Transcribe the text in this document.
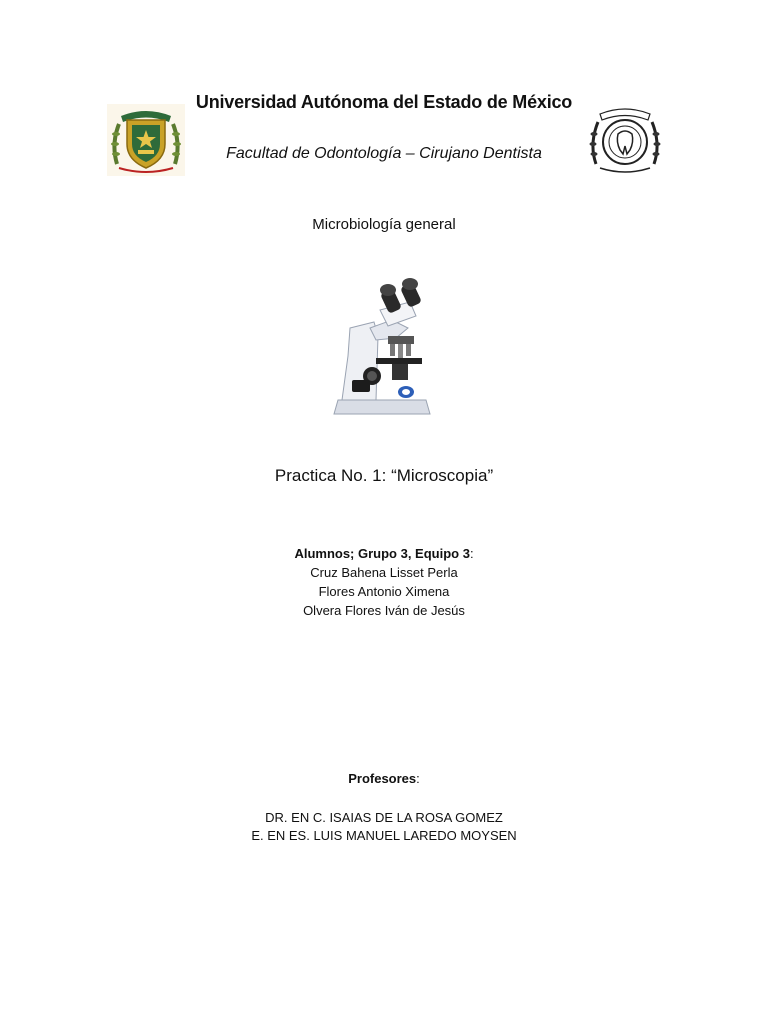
Universidad Autónoma del Estado de México
Facultad de Odontología – Cirujano Dentista
Microbiología general
Practica No. 1: “Microscopia”
Alumnos; Grupo 3, Equipo 3:
Cruz Bahena Lisset Perla
Flores Antonio Ximena
Olvera Flores Iván de Jesús
Profesores:
DR. EN C. ISAIAS DE LA ROSA GOMEZ
E. EN ES. LUIS MANUEL LAREDO MOYSEN
